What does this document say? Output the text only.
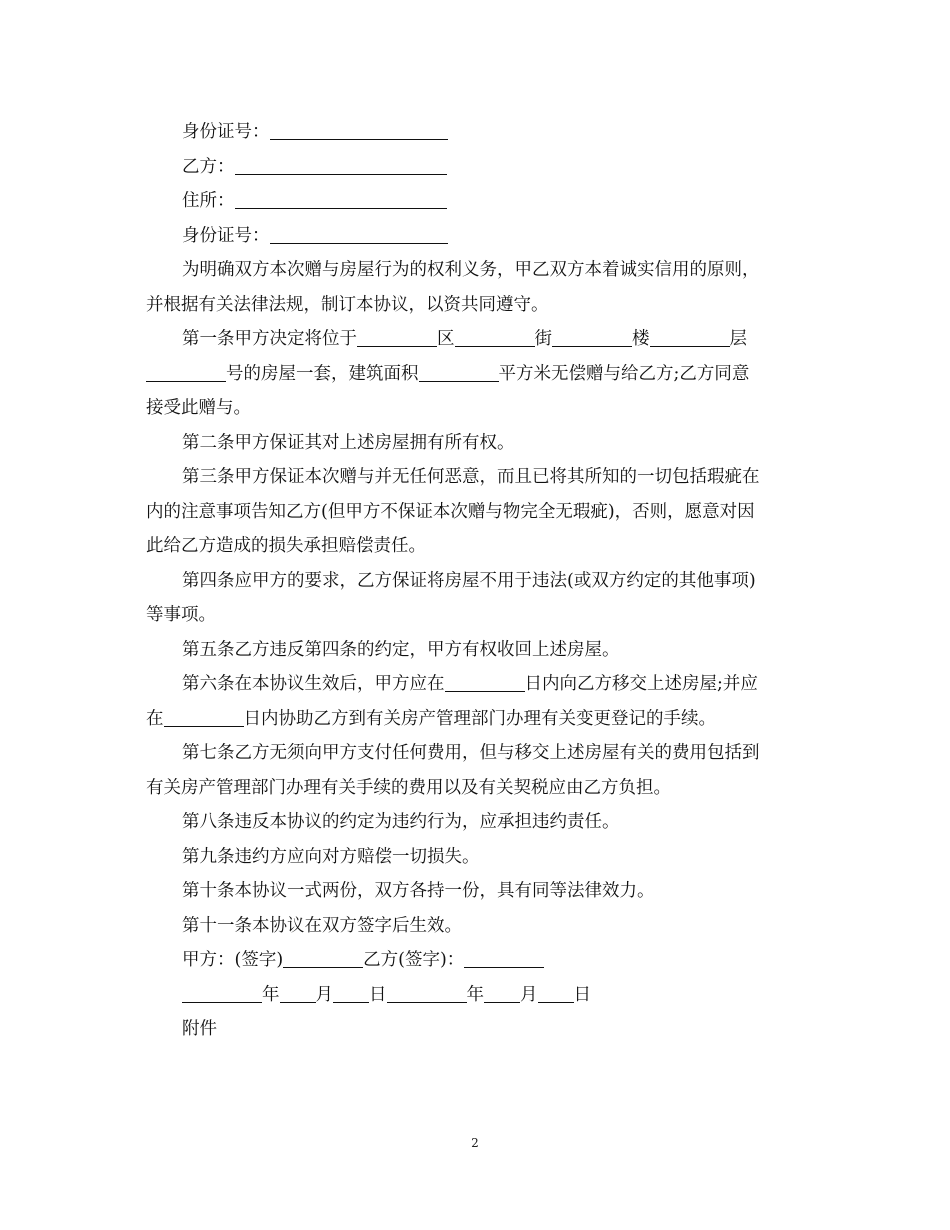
身份证号：
乙方：
住所：
身份证号：
为明确双方本次赠与房屋行为的权利义务，甲乙双方本着诚实信用的原则，
并根据有关法律法规，制订本协议，以资共同遵守。
第一条甲方决定将位于	区	街	楼	层
号的房屋一套，建筑面积	平方米无偿赠与给乙方;乙方同意
接受此赠与。
第二条甲方保证其对上述房屋拥有所有权。
第三条甲方保证本次赠与并无任何恶意，而且已将其所知的一切包括瑕疵在
内的注意事项告知乙方(但甲方不保证本次赠与物完全无瑕疵)，否则，愿意对因
此给乙方造成的损失承担赔偿责任。
第四条应甲方的要求，乙方保证将房屋不用于违法(或双方约定的其他事项)
等事项。
第五条乙方违反第四条的约定，甲方有权收回上述房屋。
第六条在本协议生效后，甲方应在	日内向乙方移交上述房屋;并应
在	日内协助乙方到有关房产管理部门办理有关变更登记的手续。
第七条乙方无须向甲方支付任何费用，但与移交上述房屋有关的费用包括到
有关房产管理部门办理有关手续的费用以及有关契税应由乙方负担。
第八条违反本协议的约定为违约行为，应承担违约责任。
第九条违约方应向对方赔偿一切损失。
第十条本协议一式两份，双方各持一份，具有同等法律效力。
第十一条本协议在双方签字后生效。
甲方：(签字)	乙方(签字)：
年 月 日	年 月 日
附件
2
